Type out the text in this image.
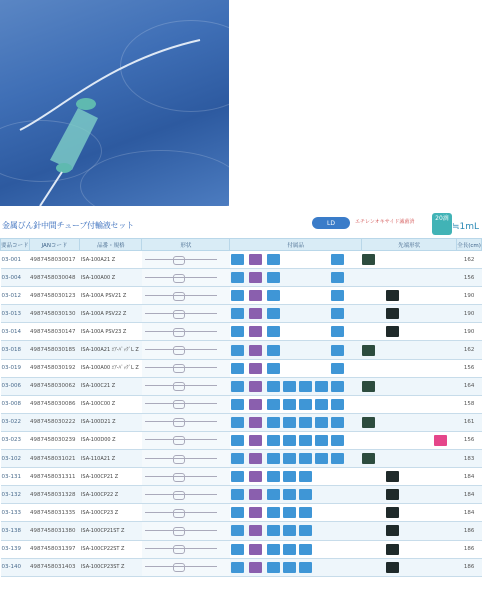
金属びん針中間チューブ付輸液セット	LD	エチレンオキサイド滅菌済	20滴
≒1mL
要品コード	JANコード	品番・規格	形状	付属品								先端形状				全長(cm)
03-001	4987458030017	ISA-100A21 Z														162
03-004	4987458030048	ISA-100A00 Z														156
03-012	4987458030123	ISA-100A PSV21 Z														190
03-013	4987458030130	ISA-100A PSV22 Z														190
03-014	4987458030147	ISA-100A PSV23 Z														190
03-018	4987458030185	ISA-100A21 ｴｱ-ﾊﾞｯｸﾞL Z														162
03-019	4987458030192	ISA-100A00 ｴｱ-ﾊﾞｯｸﾞL Z														156
03-006	4987458030062	ISA-100C21 Z														164
03-008	4987458030086	ISA-100C00 Z														158
03-022	4987458030222	ISA-100D21 Z														161
03-023	4987458030239	ISA-100D00 Z														156
03-102	4987458031021	ISA-110A21 Z														183
03-131	4987458031311	ISA-100CP21 Z														184
03-132	4987458031328	ISA-100CP22 Z														184
03-133	4987458031335	ISA-100CP23 Z														184
03-138	4987458031380	ISA-100CP21ST Z														186
03-139	4987458031397	ISA-100CP22ST Z														186
03-140	4987458031403	ISA-100CP23ST Z														186
